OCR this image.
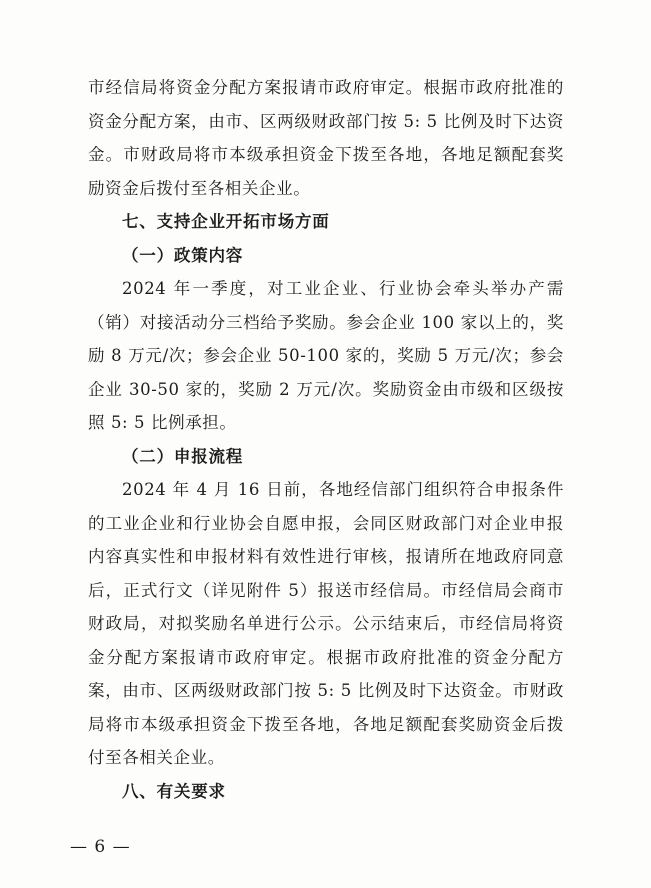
市经信局将资金分配方案报请市政府审定。根据市政府批准的资金分配方案，由市、区两级财政部门按 5: 5 比例及时下达资金。市财政局将市本级承担资金下拨至各地，各地足额配套奖励资金后拨付至各相关企业。

七、支持企业开拓市场方面

（一）政策内容

2024 年一季度，对工业企业、行业协会牵头举办产需（销）对接活动分三档给予奖励。参会企业 100 家以上的，奖励 8 万元/次；参会企业 50-100 家的，奖励 5 万元/次；参会企业 30-50 家的，奖励 2 万元/次。奖励资金由市级和区级按照 5: 5 比例承担。

（二）申报流程

2024 年 4 月 16 日前，各地经信部门组织符合申报条件的工业企业和行业协会自愿申报，会同区财政部门对企业申报内容真实性和申报材料有效性进行审核，报请所在地政府同意后，正式行文（详见附件 5）报送市经信局。市经信局会商市财政局，对拟奖励名单进行公示。公示结束后，市经信局将资金分配方案报请市政府审定。根据市政府批准的资金分配方案，由市、区两级财政部门按 5: 5 比例及时下达资金。市财政局将市本级承担资金下拨至各地，各地足额配套奖励资金后拨付至各相关企业。

八、有关要求

— 6 —
